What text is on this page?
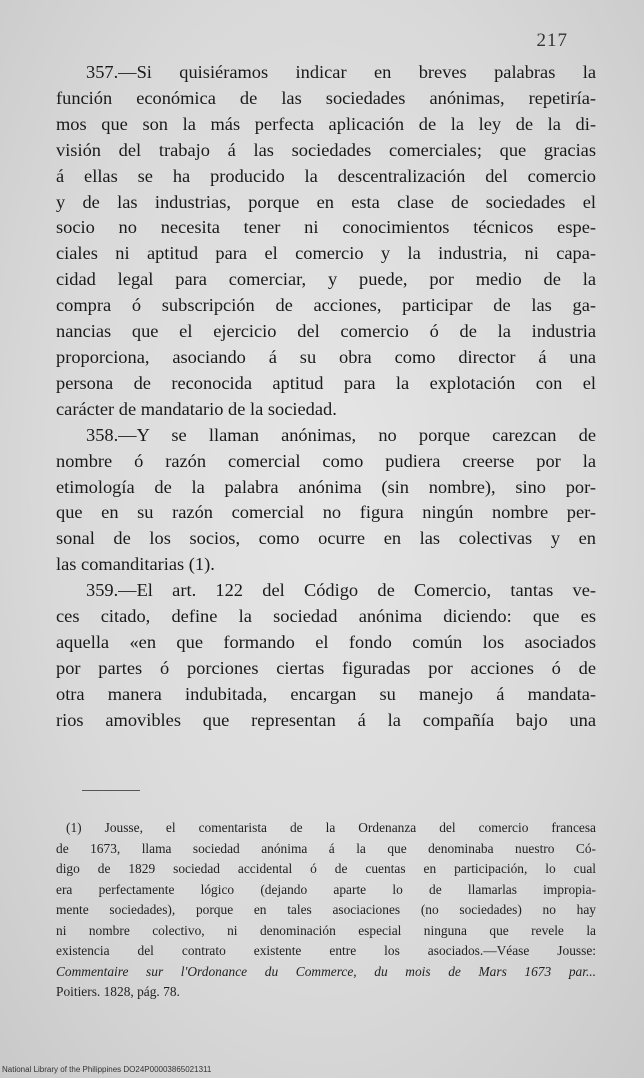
217
357.—Si quisiéramos indicar en breves palabras la
función económica de las sociedades anónimas, repetiría-
mos que son la más perfecta aplicación de la ley de la di-
visión del trabajo á las sociedades comerciales; que gracias
á ellas se ha producido la descentralización del comercio
y de las industrias, porque en esta clase de sociedades el
socio no necesita tener ni conocimientos técnicos espe-
ciales ni aptitud para el comercio y la industria, ni capa-
cidad legal para comerciar, y puede, por medio de la
compra ó subscripción de acciones, participar de las ga-
nancias que el ejercicio del comercio ó de la industria
proporciona, asociando á su obra como director á una
persona de reconocida aptitud para la explotación con el
carácter de mandatario de la sociedad.
358.—Y se llaman anónimas, no porque carezcan de
nombre ó razón comercial como pudiera creerse por la
etimología de la palabra anónima (sin nombre), sino por-
que en su razón comercial no figura ningún nombre per-
sonal de los socios, como ocurre en las colectivas y en
las comanditarias (1).
359.—El art. 122 del Código de Comercio, tantas ve-
ces citado, define la sociedad anónima diciendo: que es
aquella «en que formando el fondo común los asociados
por partes ó porciones ciertas figuradas por acciones ó de
otra manera indubitada, encargan su manejo á mandata-
rios amovibles que representan á la compañía bajo una
(1) Jousse, el comentarista de la Ordenanza del comercio francesa
de 1673, llama sociedad anónima á la que denominaba nuestro Có-
digo de 1829 sociedad accidental ó de cuentas en participación, lo cual
era perfectamente lógico (dejando aparte lo de llamarlas impropia-
mente sociedades), porque en tales asociaciones (no sociedades) no hay
ni nombre colectivo, ni denominación especial ninguna que revele la
existencia del contrato existente entre los asociados.—Véase Jousse:
Commentaire sur l'Ordonance du Commerce, du mois de Mars 1673 par...
Poitiers. 1828, pág. 78.
National Library of the Philippines DO24P00003865021311
